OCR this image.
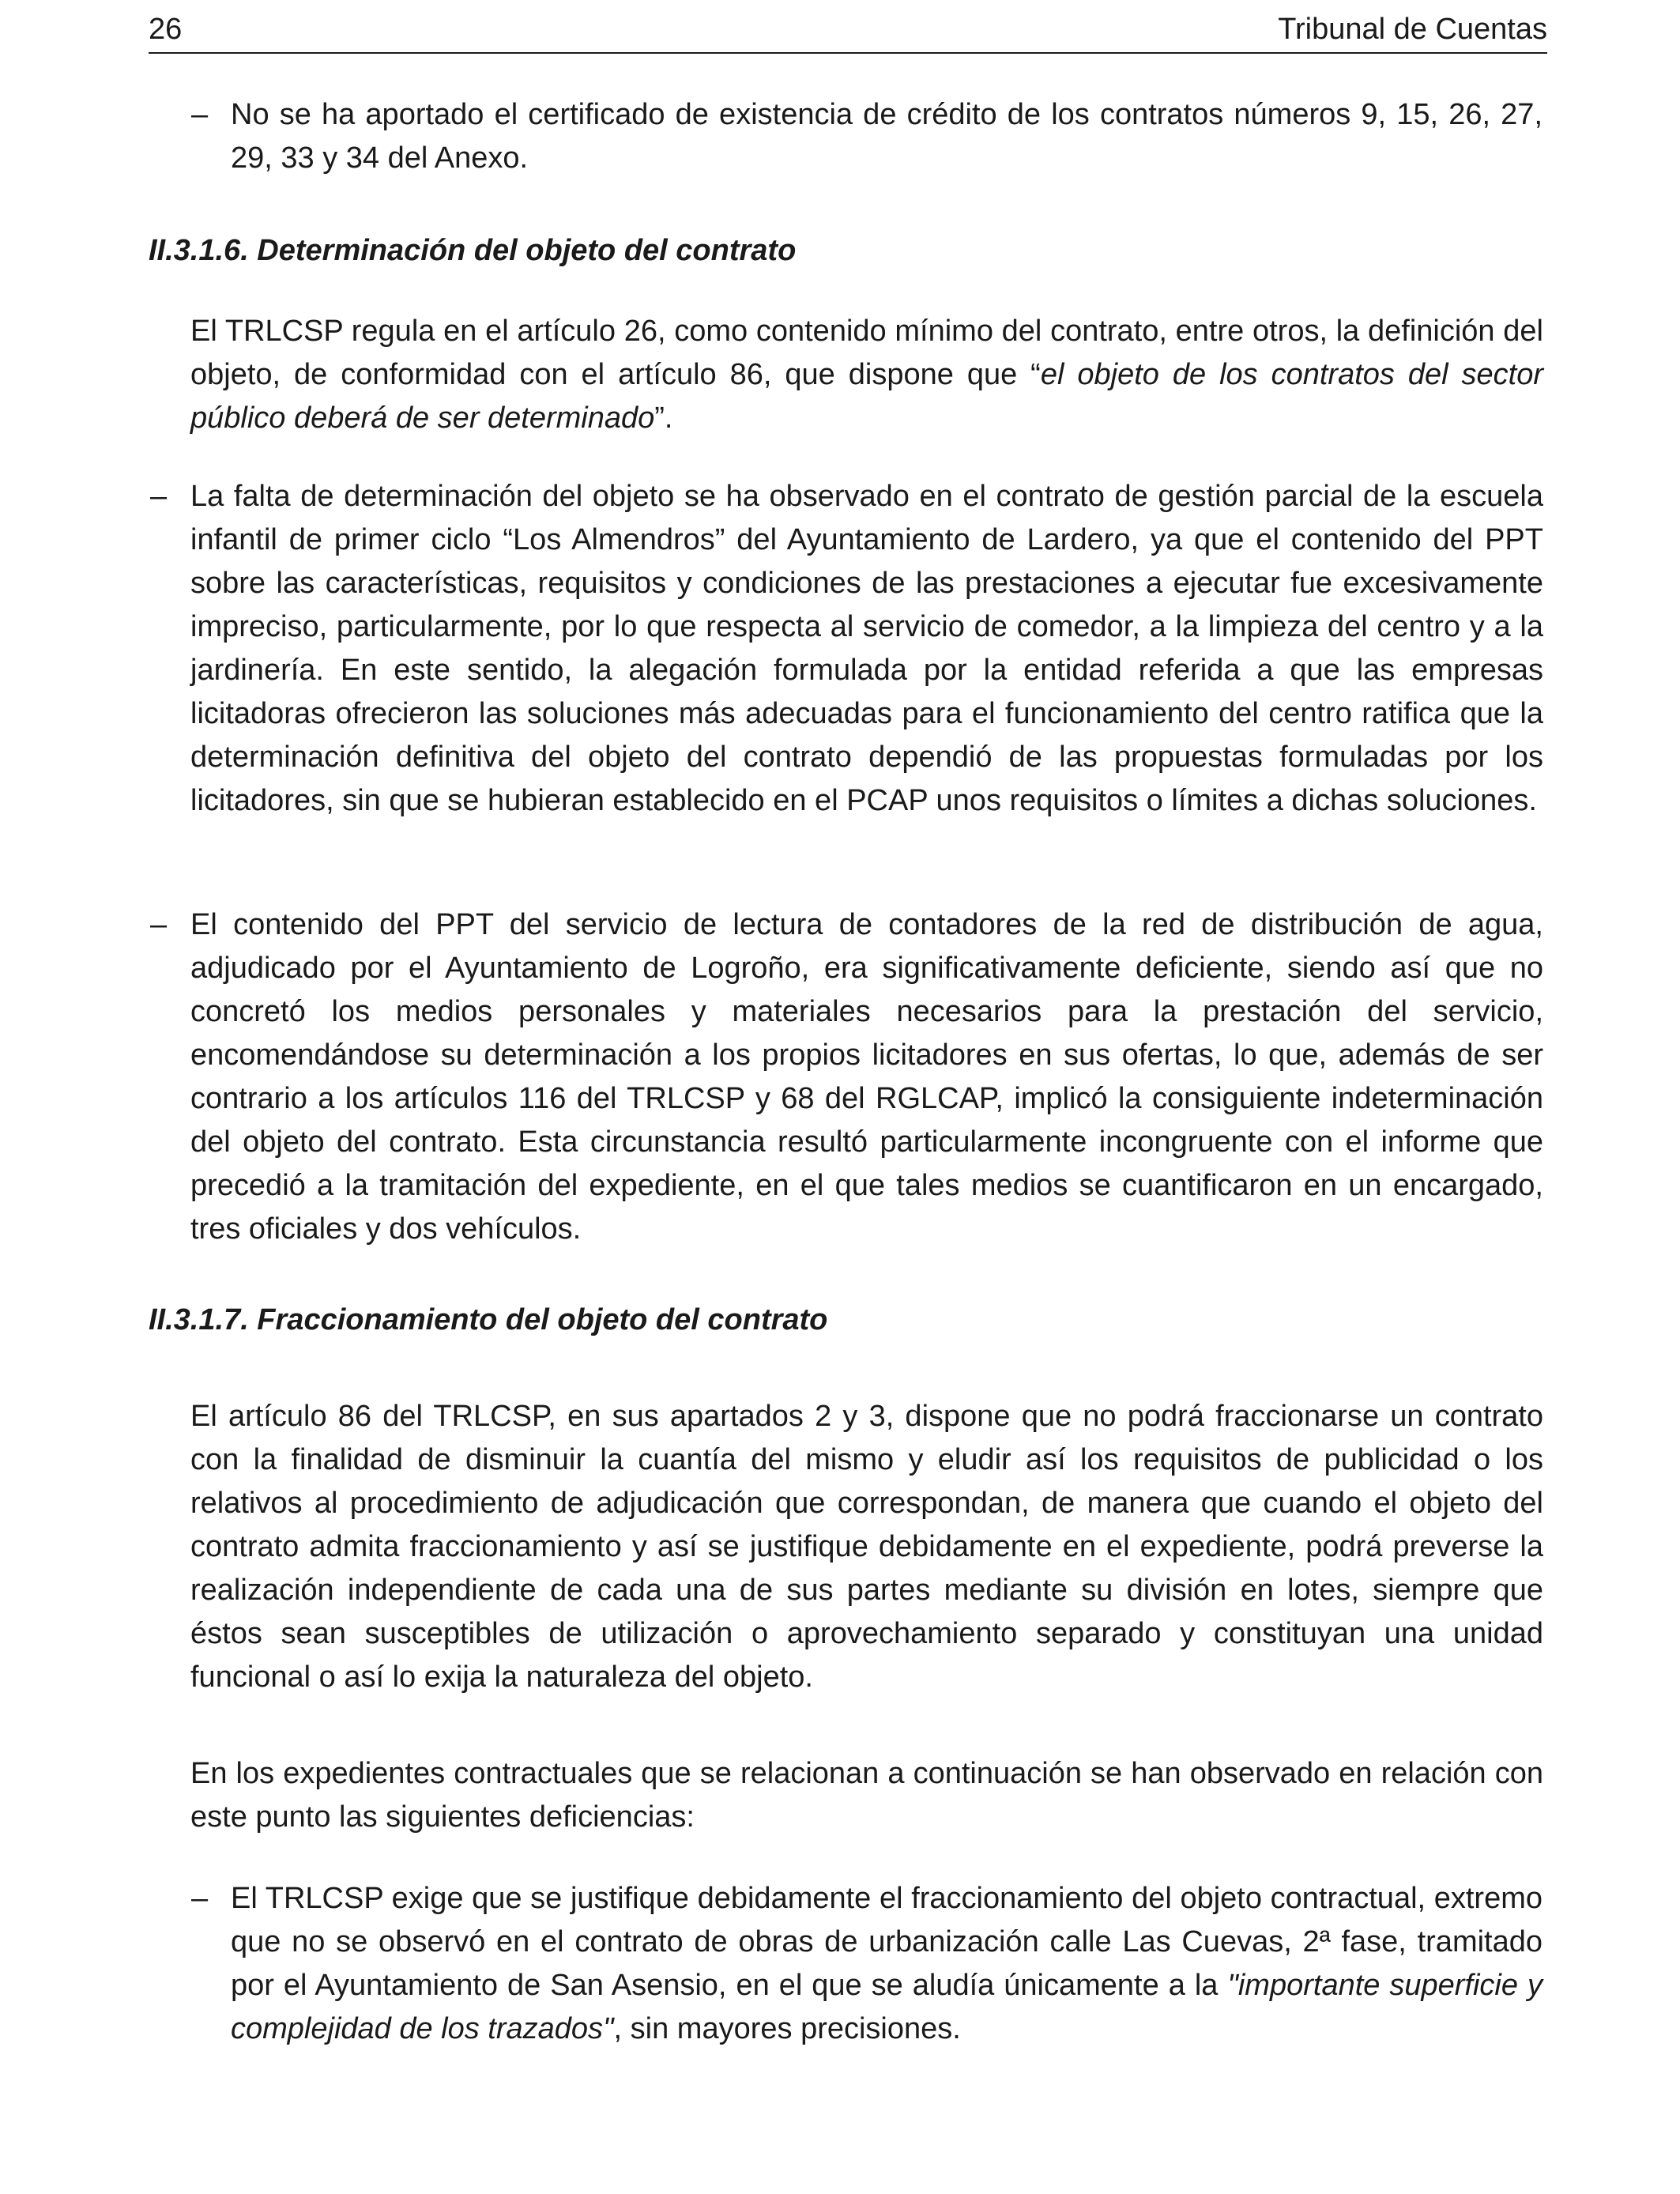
26	Tribunal de Cuentas
– No se ha aportado el certificado de existencia de crédito de los contratos números 9, 15, 26, 27, 29, 33 y 34 del Anexo.
II.3.1.6. Determinación del objeto del contrato
El TRLCSP regula en el artículo 26, como contenido mínimo del contrato, entre otros, la definición del objeto, de conformidad con el artículo 86, que dispone que “el objeto de los contratos del sector público deberá de ser determinado”.
– La falta de determinación del objeto se ha observado en el contrato de gestión parcial de la escuela infantil de primer ciclo “Los Almendros” del Ayuntamiento de Lardero, ya que el contenido del PPT sobre las características, requisitos y condiciones de las prestaciones a ejecutar fue excesivamente impreciso, particularmente, por lo que respecta al servicio de comedor, a la limpieza del centro y a la jardinería. En este sentido, la alegación formulada por la entidad referida a que las empresas licitadoras ofrecieron las soluciones más adecuadas para el funcionamiento del centro ratifica que la determinación definitiva del objeto del contrato dependió de las propuestas formuladas por los licitadores, sin que se hubieran establecido en el PCAP unos requisitos o límites a dichas soluciones.
– El contenido del PPT del servicio de lectura de contadores de la red de distribución de agua, adjudicado por el Ayuntamiento de Logroño, era significativamente deficiente, siendo así que no concretó los medios personales y materiales necesarios para la prestación del servicio, encomendándose su determinación a los propios licitadores en sus ofertas, lo que, además de ser contrario a los artículos 116 del TRLCSP y 68 del RGLCAP, implicó la consiguiente indeterminación del objeto del contrato. Esta circunstancia resultó particularmente incongruente con el informe que precedió a la tramitación del expediente, en el que tales medios se cuantificaron en un encargado, tres oficiales y dos vehículos.
II.3.1.7. Fraccionamiento del objeto del contrato
El artículo 86 del TRLCSP, en sus apartados 2 y 3, dispone que no podrá fraccionarse un contrato con la finalidad de disminuir la cuantía del mismo y eludir así los requisitos de publicidad o los relativos al procedimiento de adjudicación que correspondan, de manera que cuando el objeto del contrato admita fraccionamiento y así se justifique debidamente en el expediente, podrá preverse la realización independiente de cada una de sus partes mediante su división en lotes, siempre que éstos sean susceptibles de utilización o aprovechamiento separado y constituyan una unidad funcional o así lo exija la naturaleza del objeto.
En los expedientes contractuales que se relacionan a continuación se han observado en relación con este punto las siguientes deficiencias:
– El TRLCSP exige que se justifique debidamente el fraccionamiento del objeto contractual, extremo que no se observó en el contrato de obras de urbanización calle Las Cuevas, 2ª fase, tramitado por el Ayuntamiento de San Asensio, en el que se aludía únicamente a la "importante superficie y complejidad de los trazados", sin mayores precisiones.
